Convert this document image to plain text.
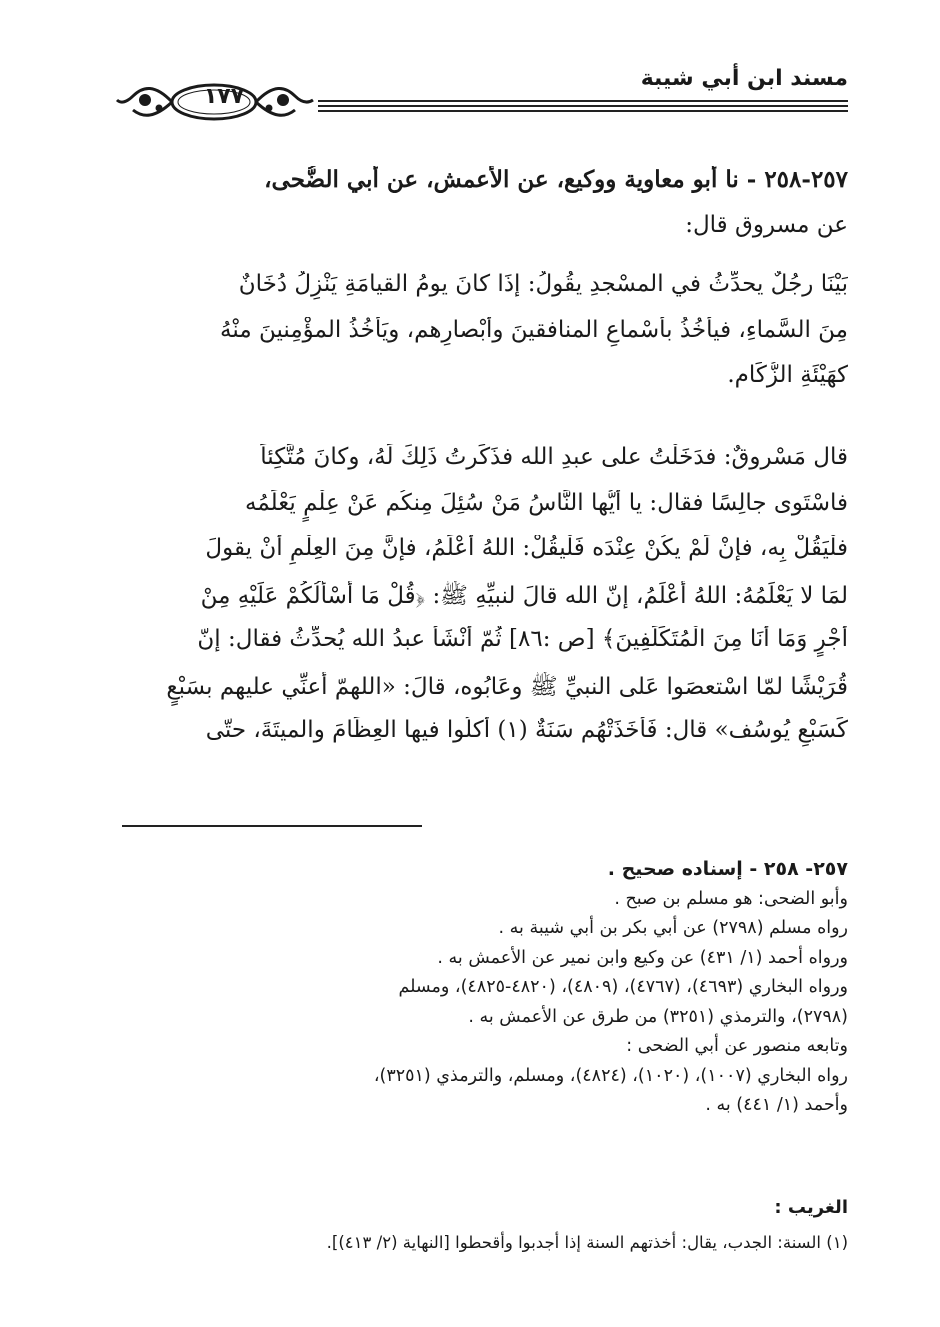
مسند ابن أبي شيبة
١٧٧
٢٥٧-٢٥٨ - نا أبو معاوية ووكيع، عن الأعمش، عن أبي الضُّحى،
عن مسروق قال:
بَيْنَا رجُلٌ يحدِّثُ في المسْجدِ يقُولُ: إذَا كانَ يومُ القيامَةِ يَنْزِلُ دُخَانٌ
مِنَ السَّماءِ، فيأْخُذُ بأسْماعِ المنافقينَ وأبْصارِهم، ويَأخُذُ المؤْمِنينَ منْهُ
كهَيْئَةِ الزُّكَام.
قال مَسْروقٌ: فدَخَلْتُ على عبدِ الله فذَكَرتُ ذَلِكَ لَهُ، وكانَ مُتَّكِئاً
فاسْتَوى جالِسًا فقال: يا أيُّها النَّاسُ مَنْ سُئِلَ مِنكُم عَنْ عِلْمٍ يَعْلَمُه
فلْيَقُلْ بِه، فإنْ لَمْ يكُنْ عِنْدَه فَلْيقُلْ: اللهُ أعْلَمُ، فإنَّ مِنَ العِلْمِ أنْ يقولَ
لمَا لا يَعْلَمُهُ: اللهُ أعْلَمُ، إنّ الله قالَ لنبيِّهِ ﷺ: ﴿قُلْ مَا أَسْأَلُكُمْ عَلَيْهِ مِنْ
أَجْرٍ وَمَا أَنَا مِنَ الْمُتَكَلِّفِينَ﴾ [ص :٨٦] ثُمّ أنْشَأَ عبدُ الله يُحدِّثُ فقال: إنّ
قُرَيْشًا لمّا اسْتعصَوا عَلى النبيِّ ﷺ وعَابُوه، قالَ: «اللهمّ أعنِّي عليهم بسَبْعٍ
كَسَبْعِ يُوسُف» قال: فَأخَذَتْهُم سَنَةٌ (١) أكلُوا فيها العِظَامَ والميتَةَ، حتّى
٢٥٧- ٢٥٨ - إسناده صحيح .
وأبو الضحى: هو مسلم بن صبح .
رواه مسلم (٢٧٩٨) عن أبي بكر بن أبي شيبة به .
ورواه أحمد (١/ ٤٣١) عن وكيع وابن نمير عن الأعمش به .
ورواه البخاري (٤٦٩٣)، (٤٧٦٧)، (٤٨٠٩)، (٤٨٢٠-٤٨٢٥)، ومسلم
(٢٧٩٨)، والترمذي (٣٢٥١) من طرق عن الأعمش به .
وتابعه منصور عن أبي الضحى :
رواه البخاري (١٠٠٧)، (١٠٢٠)، (٤٨٢٤)، ومسلم، والترمذي (٣٢٥١)،
وأحمد (١/ ٤٤١) به .
الغريب :
(١) السنة: الجدب، يقال: أخذتهم السنة إذا أجدبوا وأقحطوا [النهاية (٢/ ٤١٣)].
